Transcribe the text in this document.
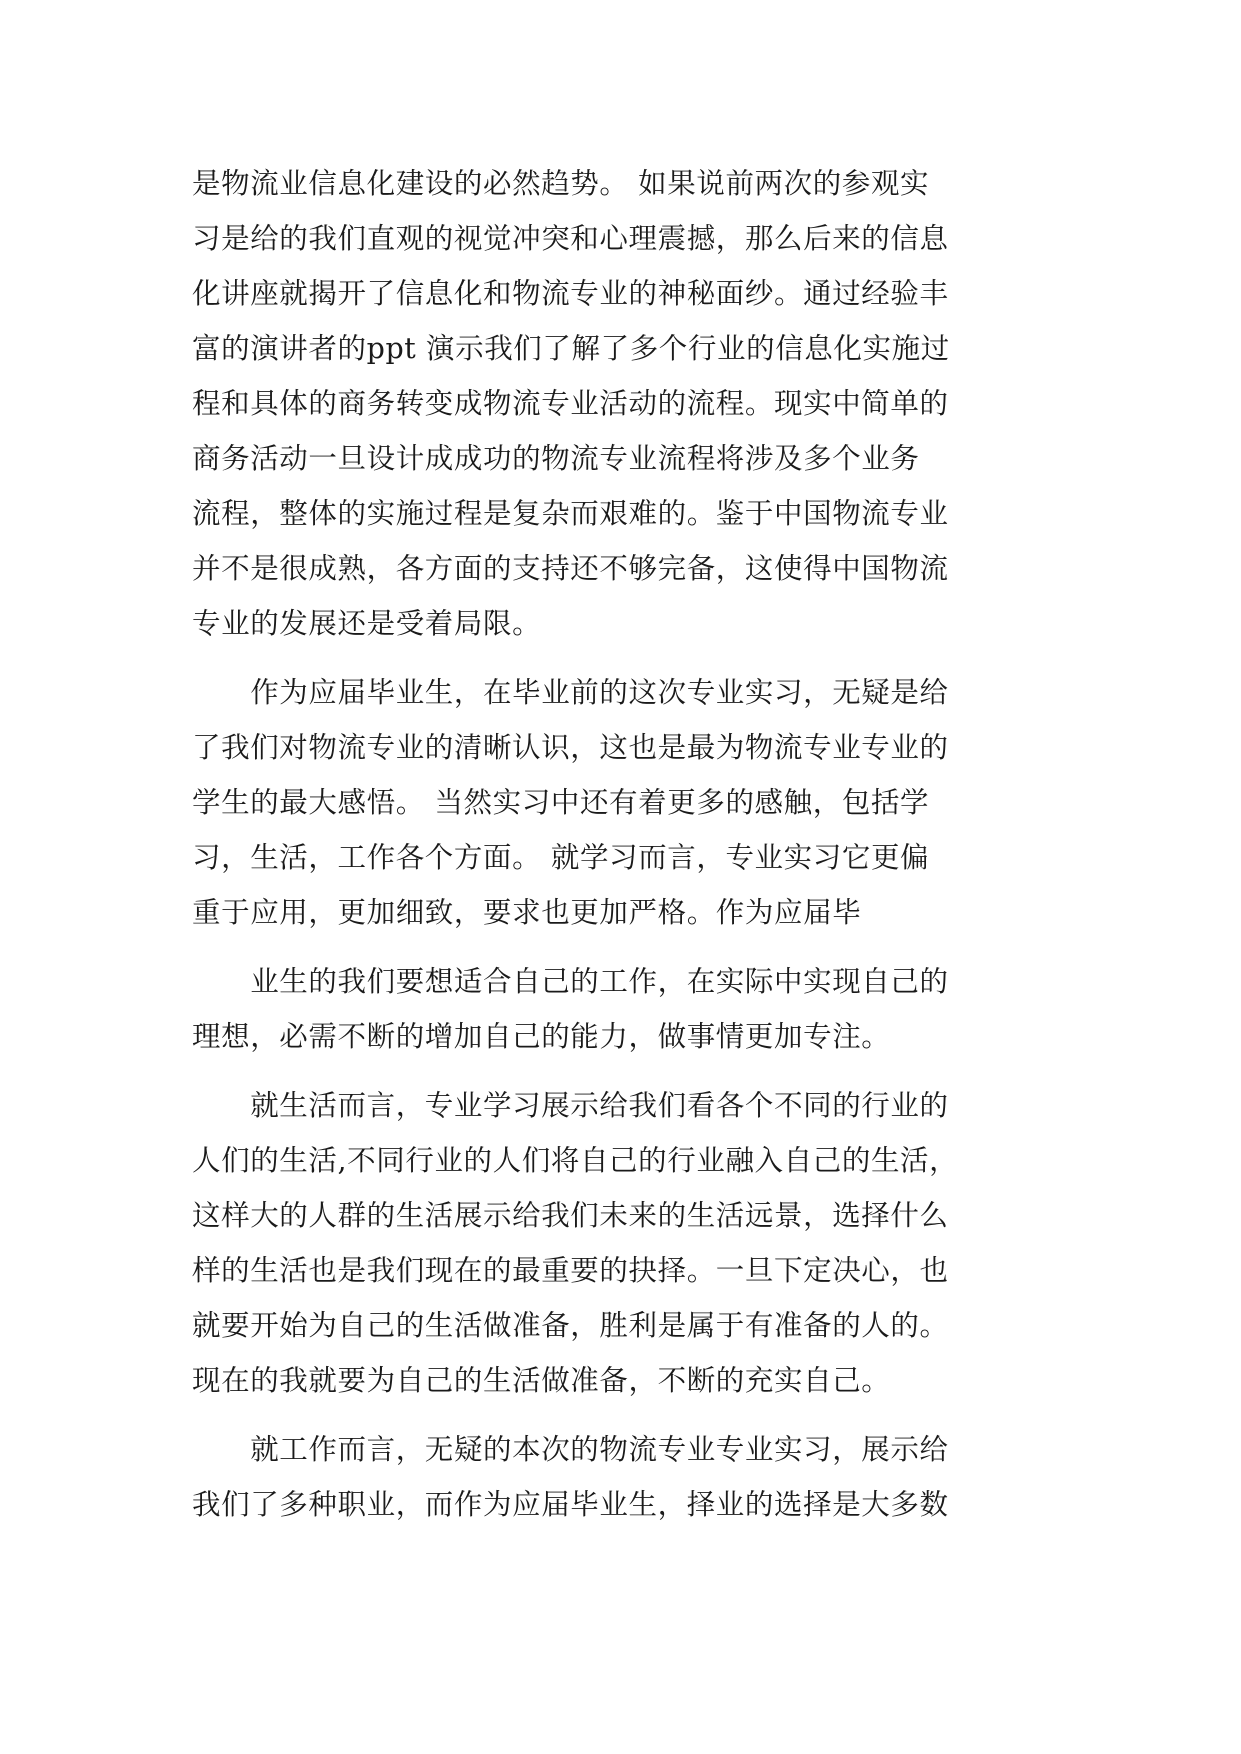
是物流业信息化建设的必然趋势。 如果说前两次的参观实
习是给的我们直观的视觉冲突和心理震撼，那么后来的信息
化讲座就揭开了信息化和物流专业的神秘面纱。通过经验丰
富的演讲者的ppt 演示我们了解了多个行业的信息化实施过
程和具体的商务转变成物流专业活动的流程。现实中简单的
商务活动一旦设计成成功的物流专业流程将涉及多个业务
流程，整体的实施过程是复杂而艰难的。鉴于中国物流专业
并不是很成熟，各方面的支持还不够完备，这使得中国物流
专业的发展还是受着局限。
　　作为应届毕业生，在毕业前的这次专业实习，无疑是给
了我们对物流专业的清晰认识，这也是最为物流专业专业的
学生的最大感悟。 当然实习中还有着更多的感触，包括学
习，生活，工作各个方面。 就学习而言，专业实习它更偏
重于应用，更加细致，要求也更加严格。作为应届毕
　　业生的我们要想适合自己的工作，在实际中实现自己的
理想，必需不断的增加自己的能力，做事情更加专注。
　　就生活而言，专业学习展示给我们看各个不同的行业的
人们的生活,不同行业的人们将自己的行业融入自己的生活，
这样大的人群的生活展示给我们未来的生活远景，选择什么
样的生活也是我们现在的最重要的抉择。一旦下定决心，也
就要开始为自己的生活做准备，胜利是属于有准备的人的。
现在的我就要为自己的生活做准备，不断的充实自己。
　　就工作而言，无疑的本次的物流专业专业实习，展示给
我们了多种职业，而作为应届毕业生，择业的选择是大多数
